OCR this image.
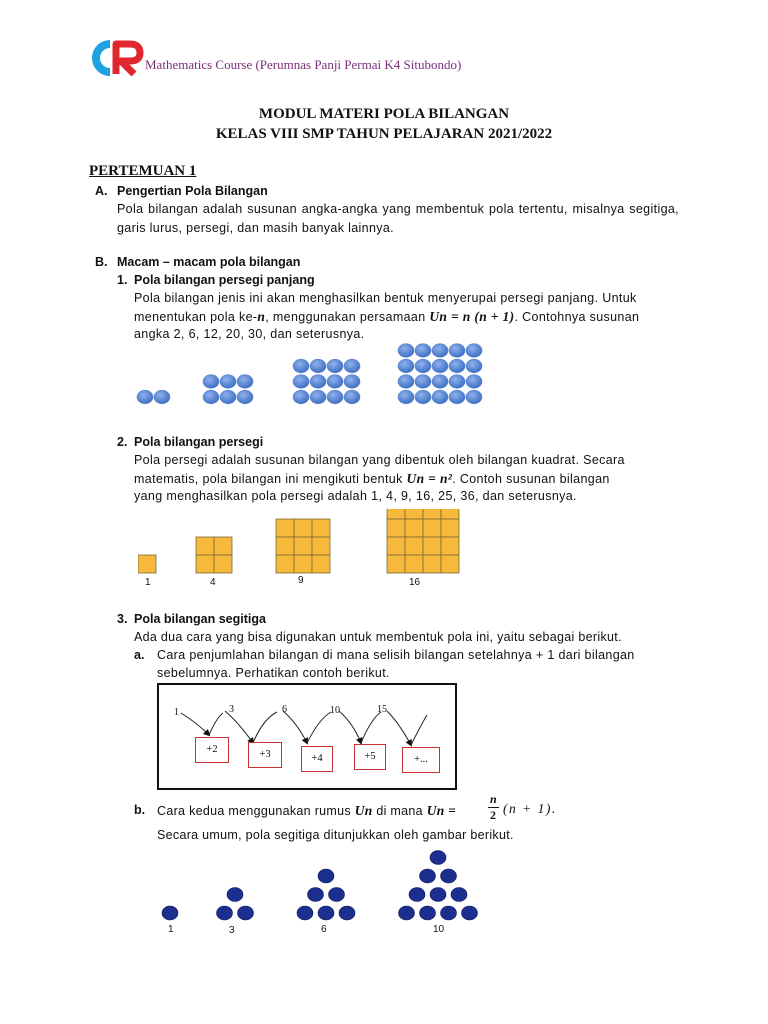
Mathematics Course (Perumnas Panji Permai K4 Situbondo)
MODUL MATERI POLA BILANGAN
KELAS VIII SMP TAHUN PELAJARAN 2021/2022
PERTEMUAN 1
A. Pengertian Pola Bilangan
Pola bilangan adalah susunan angka-angka yang membentuk pola tertentu, misalnya segitiga, garis lurus, persegi, dan masih banyak lainnya.
B. Macam – macam pola bilangan
1. Pola bilangan persegi panjang
Pola bilangan jenis ini akan menghasilkan bentuk menyerupai persegi panjang. Untuk
menentukan pola ke-n, menggunakan persamaan Un = n (n + 1). Contohnya susunan
angka 2, 6, 12, 20, 30, dan seterusnya.
2. Pola bilangan persegi
Pola persegi adalah susunan bilangan yang dibentuk oleh bilangan kuadrat. Secara
matematis, pola bilangan ini mengikuti bentuk Un = n². Contoh susunan bilangan
yang menghasilkan pola persegi adalah 1, 4, 9, 16, 25, 36, dan seterusnya.
1	4	9	16
3. Pola bilangan segitiga
Ada dua cara yang bisa digunakan untuk membentuk pola ini, yaitu sebagai berikut.
a. Cara penjumlahan bilangan di mana selisih bilangan setelahnya + 1 dari bilangan
sebelumnya. Perhatikan contoh berikut.
1	3	6	10	15
+2	+3	+4	+5	+...
b. Cara kedua menggunakan rumus Un di mana Un =
n
2 (n + 1).
Secara umum, pola segitiga ditunjukkan oleh gambar berikut.
1	3	6	10
